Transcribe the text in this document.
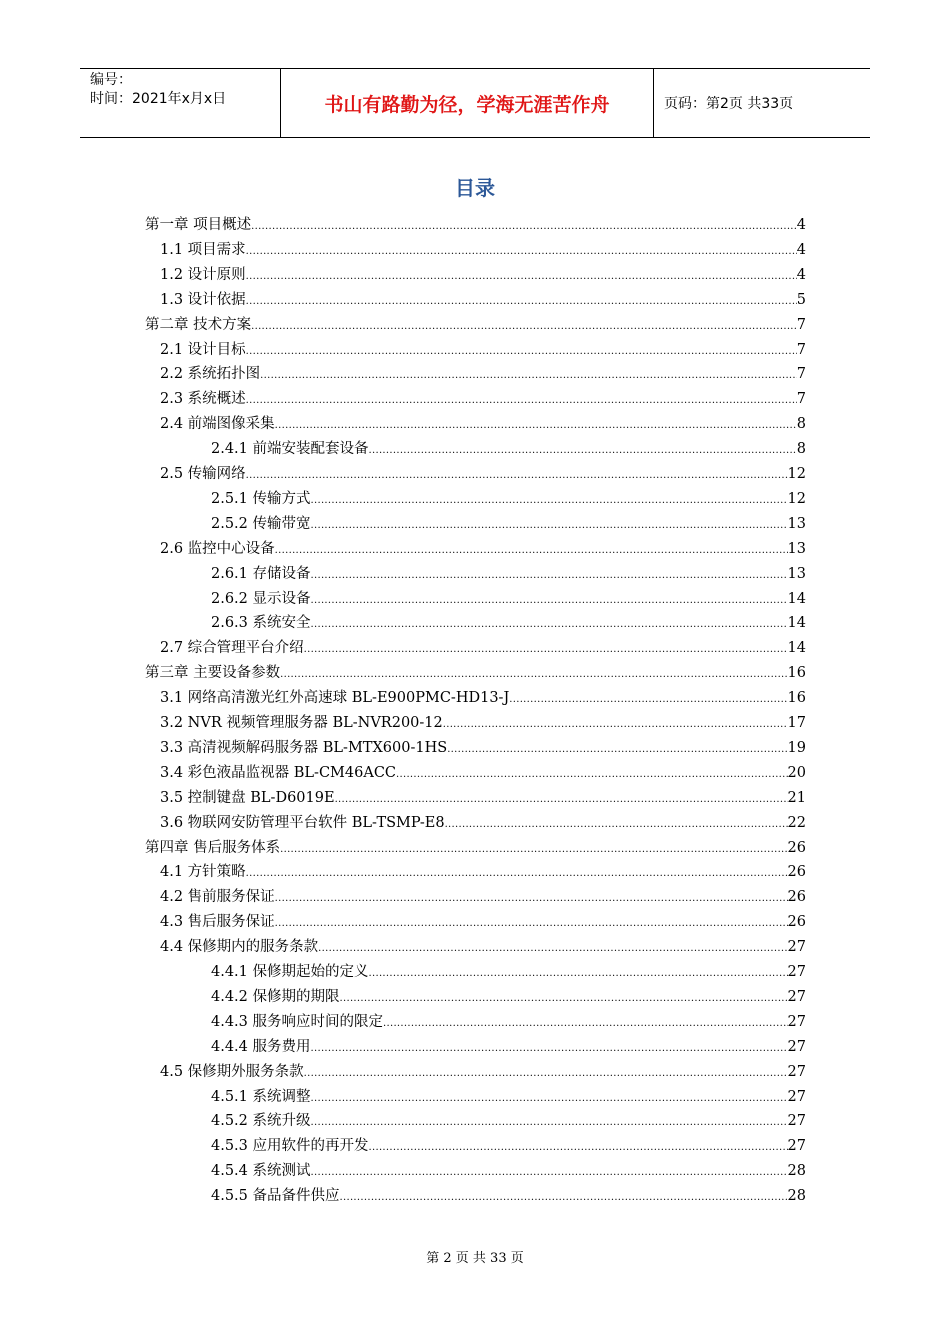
编号：
时间：2021年x月x日	书山有路勤为径，学海无涯苦作舟	页码：第2页 共33页
目录
第一章 项目概述 .....	4
1.1 项目需求 .....	4
1.2 设计原则 .....	4
1.3 设计依据 .....	5
第二章 技术方案 .....	7
2.1 设计目标 .....	7
2.2 系统拓扑图 .....	7
2.3 系统概述 .....	7
2.4 前端图像采集 .....	8
2.4.1 前端安装配套设备 .....	8
2.5 传输网络 .....	12
2.5.1 传输方式 .....	12
2.5.2 传输带宽 .....	13
2.6 监控中心设备 .....	13
2.6.1 存储设备 .....	13
2.6.2 显示设备 .....	14
2.6.3 系统安全 .....	14
2.7 综合管理平台介绍 .....	14
第三章 主要设备参数 .....	16
3.1 网络高清激光红外高速球 BL-E900PMC-HD13-J .....	16
3.2 NVR 视频管理服务器 BL-NVR200-12 .....	17
3.3 高清视频解码服务器 BL-MTX600-1HS .....	19
3.4 彩色液晶监视器 BL-CM46ACC .....	20
3.5 控制键盘 BL-D6019E .....	21
3.6 物联网安防管理平台软件 BL-TSMP-E8 .....	22
第四章 售后服务体系 .....	26
4.1 方针策略 .....	26
4.2 售前服务保证 .....	26
4.3 售后服务保证 .....	26
4.4 保修期内的服务条款 .....	27
4.4.1 保修期起始的定义 .....	27
4.4.2 保修期的期限 .....	27
4.4.3 服务响应时间的限定 .....	27
4.4.4 服务费用 .....	27
4.5 保修期外服务条款 .....	27
4.5.1 系统调整 .....	27
4.5.2 系统升级 .....	27
4.5.3 应用软件的再开发 .....	27
4.5.4 系统测试 .....	28
4.5.5 备品备件供应 .....	28
第 2 页 共 33 页
